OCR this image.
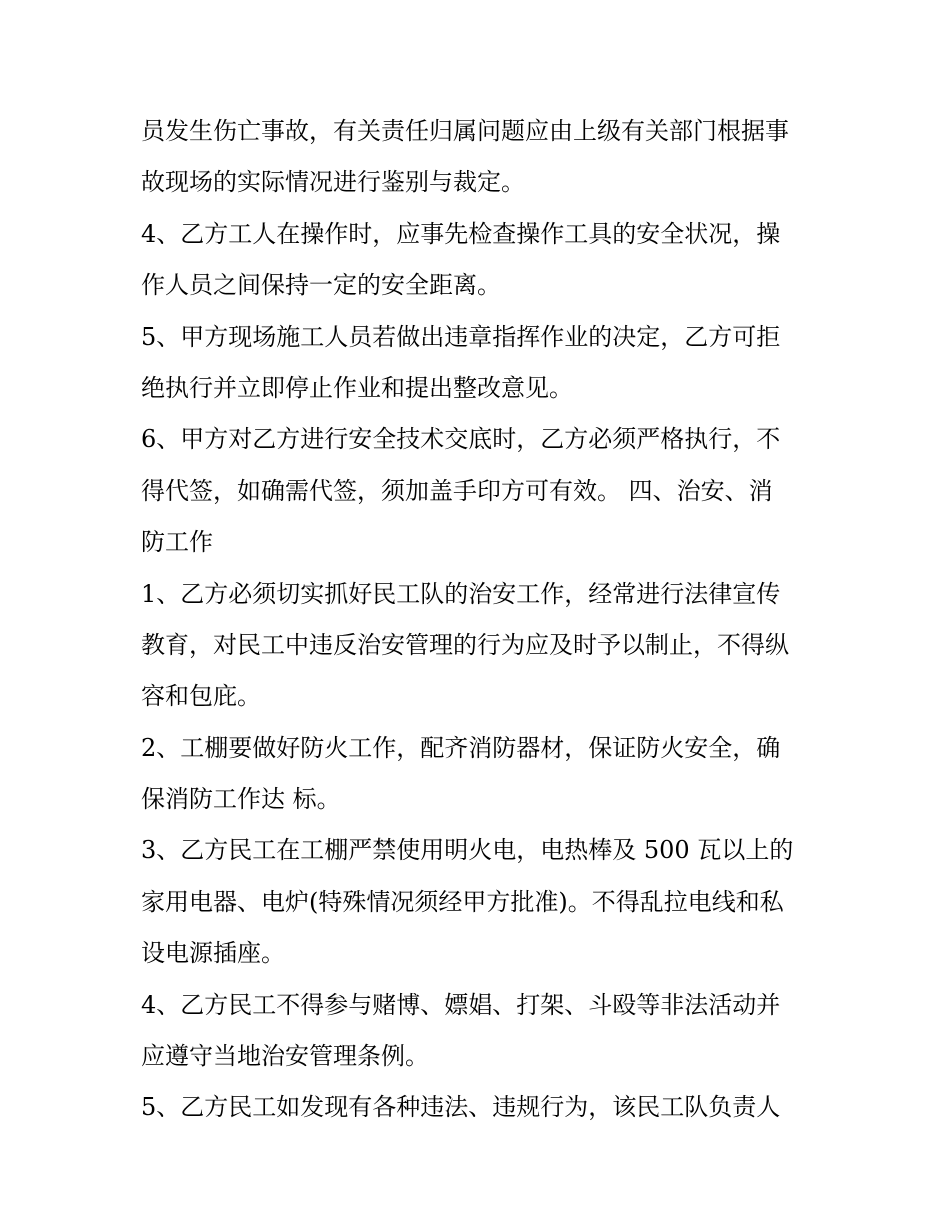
员发生伤亡事故，有关责任归属问题应由上级有关部门根据事
故现场的实际情况进行鉴别与裁定。
4、乙方工人在操作时，应事先检查操作工具的安全状况，操
作人员之间保持一定的安全距离。
5、甲方现场施工人员若做出违章指挥作业的决定，乙方可拒
绝执行并立即停止作业和提出整改意见。
6、甲方对乙方进行安全技术交底时，乙方必须严格执行，不
得代签，如确需代签，须加盖手印方可有效。 四、治安、消
防工作
1、乙方必须切实抓好民工队的治安工作，经常进行法律宣传
教育，对民工中违反治安管理的行为应及时予以制止，不得纵
容和包庇。
2、工棚要做好防火工作，配齐消防器材，保证防火安全，确
保消防工作达 标。
3、乙方民工在工棚严禁使用明火电，电热棒及 500 瓦以上的
家用电器、电炉(特殊情况须经甲方批准)。不得乱拉电线和私
设电源插座。
4、乙方民工不得参与赌博、嫖娼、打架、斗殴等非法活动并
应遵守当地治安管理条例。
5、乙方民工如发现有各种违法、违规行为，该民工队负责人
